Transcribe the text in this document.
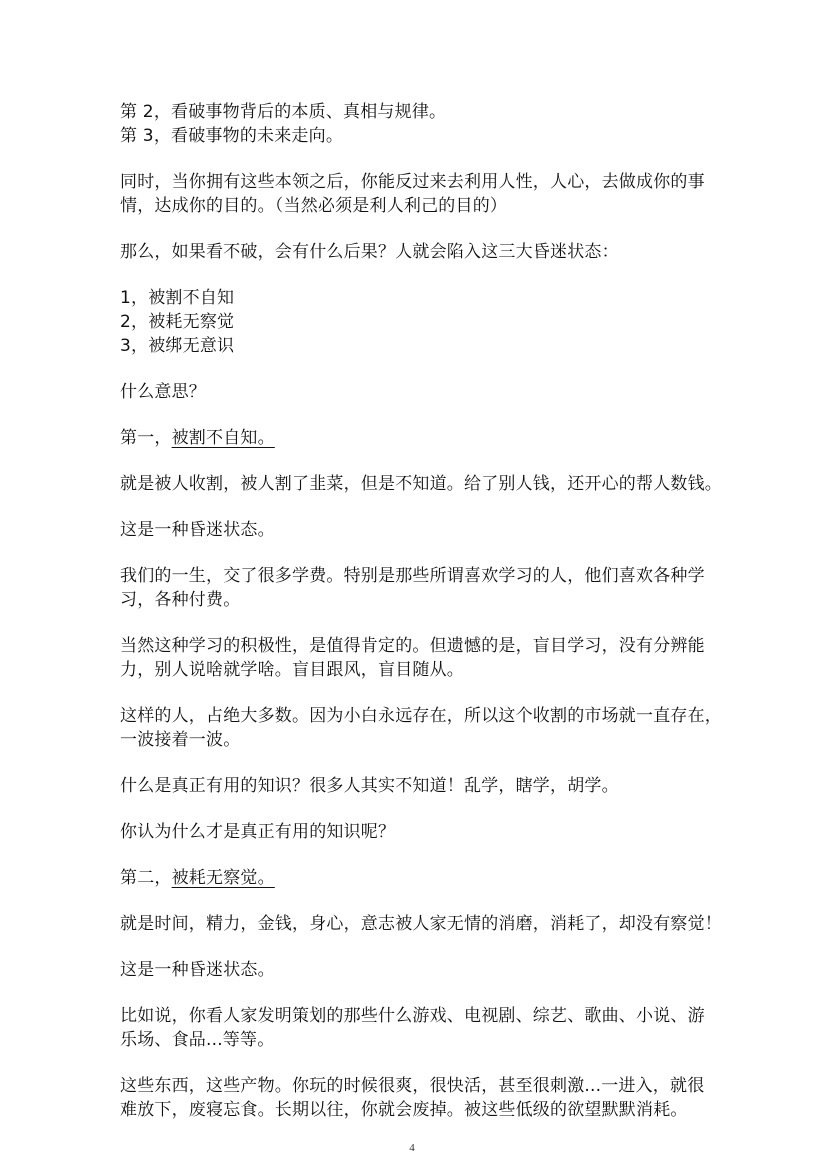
第 2，看破事物背后的本质、真相与规律。
第 3，看破事物的未来走向。
同时，当你拥有这些本领之后，你能反过来去利用人性，人心，去做成你的事
情，达成你的目的。（当然必须是利人利己的目的）
那么，如果看不破，会有什么后果？人就会陷入这三大昏迷状态：
1，被割不自知
2，被耗无察觉
3，被绑无意识
什么意思？
第一，被割不自知。
就是被人收割，被人割了韭菜，但是不知道。给了别人钱，还开心的帮人数钱。
这是一种昏迷状态。
我们的一生，交了很多学费。特别是那些所谓喜欢学习的人，他们喜欢各种学
习，各种付费。
当然这种学习的积极性，是值得肯定的。但遗憾的是，盲目学习，没有分辨能
力，别人说啥就学啥。盲目跟风，盲目随从。
这样的人，占绝大多数。因为小白永远存在，所以这个收割的市场就一直存在，
一波接着一波。
什么是真正有用的知识？很多人其实不知道！乱学，瞎学，胡学。
你认为什么才是真正有用的知识呢？
第二，被耗无察觉。
就是时间，精力，金钱，身心，意志被人家无情的消磨，消耗了，却没有察觉！
这是一种昏迷状态。
比如说，你看人家发明策划的那些什么游戏、电视剧、综艺、歌曲、小说、游
乐场、食品...等等。
这些东西，这些产物。你玩的时候很爽，很快活，甚至很刺激...一进入，就很
难放下，废寝忘食。长期以往，你就会废掉。被这些低级的欲望默默消耗。
4
